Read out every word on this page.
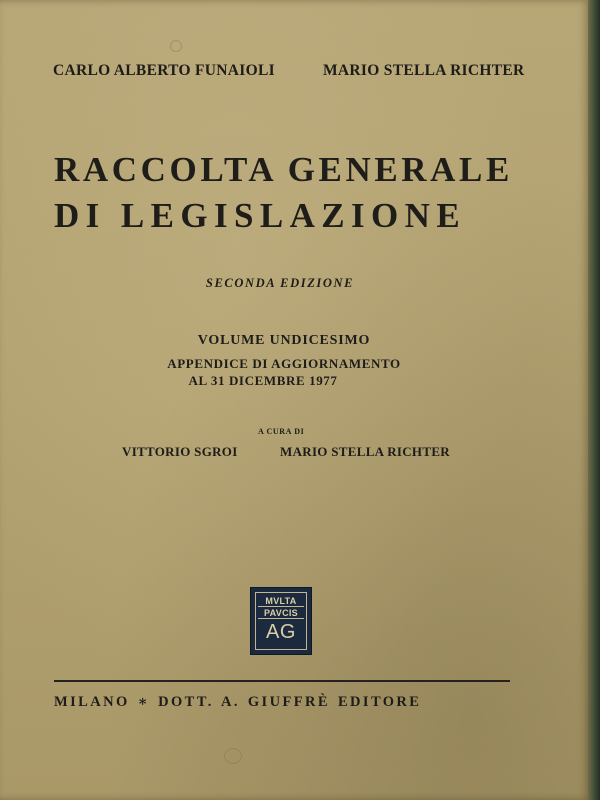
CARLO ALBERTO FUNAIOLI	MARIO STELLA RICHTER

RACCOLTA GENERALE
DI LEGISLAZIONE

SECONDA EDIZIONE

VOLUME UNDICESIMO

APPENDICE DI AGGIORNAMENTO

AL 31 DICEMBRE 1977

A CURA DI

VITTORIO SGROI	MARIO STELLA RICHTER

MVLTA
PAVCIS
AG

MILANO ∗ DOTT. A. GIUFFRÈ EDITORE
